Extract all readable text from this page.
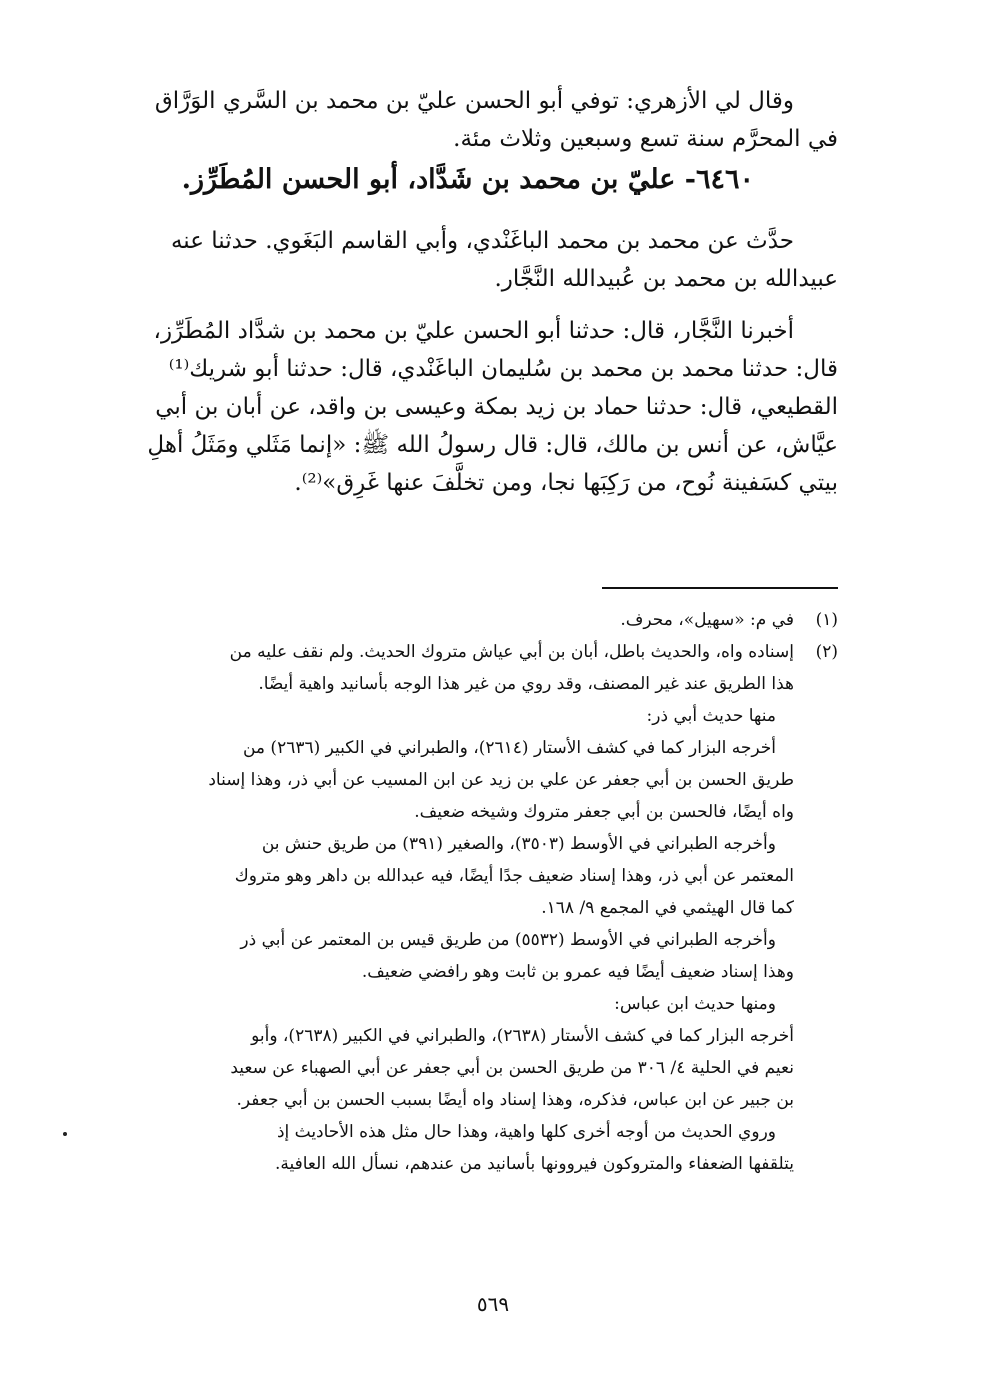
وقال لي الأزهري: توفي أبو الحسن عليّ بن محمد بن السَّري الوَرَّاق
في المحرَّم سنة تسع وسبعين وثلاث مئة.
٦٤٦٠- عليّ بن محمد بن شَدَّاد، أبو الحسن المُطَرِّز.
حدَّث عن محمد بن محمد الباغَنْدي، وأبي القاسم البَغَوي. حدثنا عنه
عبيدالله بن محمد بن عُبيدالله النَّجَّار.
أخبرنا النَّجَّار، قال: حدثنا أبو الحسن عليّ بن محمد بن شدَّاد المُطَرِّز،
قال: حدثنا محمد بن محمد بن سُليمان الباغَنْدي، قال: حدثنا أبو شريك⁽¹⁾
القطيعي، قال: حدثنا حماد بن زيد بمكة وعيسى بن واقد، عن أبان بن أبي
عيَّاش، عن أنس بن مالك، قال: قال رسولُ الله ﷺ: «إنما مَثَلي ومَثَلُ أهلِ
بيتي كسَفينة نُوح، من رَكِبَها نجا، ومن تخلَّفَ عنها غَرِق»⁽²⁾.
(١)في م: «سهيل»، محرف.
(٢)إسناده واه، والحديث باطل، أبان بن أبي عياش متروك الحديث. ولم نقف عليه من
هذا الطريق عند غير المصنف، وقد روي من غير هذا الوجه بأسانيد واهية أيضًا.
منها حديث أبي ذر:
أخرجه البزار كما في كشف الأستار (٢٦١٤)، والطبراني في الكبير (٢٦٣٦) من
طريق الحسن بن أبي جعفر عن علي بن زيد عن ابن المسيب عن أبي ذر، وهذا إسناد
واه أيضًا، فالحسن بن أبي جعفر متروك وشيخه ضعيف.
وأخرجه الطبراني في الأوسط (٣٥٠٣)، والصغير (٣٩١) من طريق حنش بن
المعتمر عن أبي ذر، وهذا إسناد ضعيف جدًا أيضًا، فيه عبدالله بن داهر وهو متروك
كما قال الهيثمي في المجمع ٩/ ١٦٨.
وأخرجه الطبراني في الأوسط (٥٥٣٢) من طريق قيس بن المعتمر عن أبي ذر
وهذا إسناد ضعيف أيضًا فيه عمرو بن ثابت وهو رافضي ضعيف.
ومنها حديث ابن عباس:
أخرجه البزار كما في كشف الأستار (٢٦٣٨)، والطبراني في الكبير (٢٦٣٨)، وأبو
نعيم في الحلية ٤/ ٣٠٦ من طريق الحسن بن أبي جعفر عن أبي الصهباء عن سعيد
بن جبير عن ابن عباس، فذكره، وهذا إسناد واه أيضًا بسبب الحسن بن أبي جعفر.
وروي الحديث من أوجه أخرى كلها واهية، وهذا حال مثل هذه الأحاديث إذ
يتلقفها الضعفاء والمتروكون فيروونها بأسانيد من عندهم، نسأل الله العافية.
٥٦٩
